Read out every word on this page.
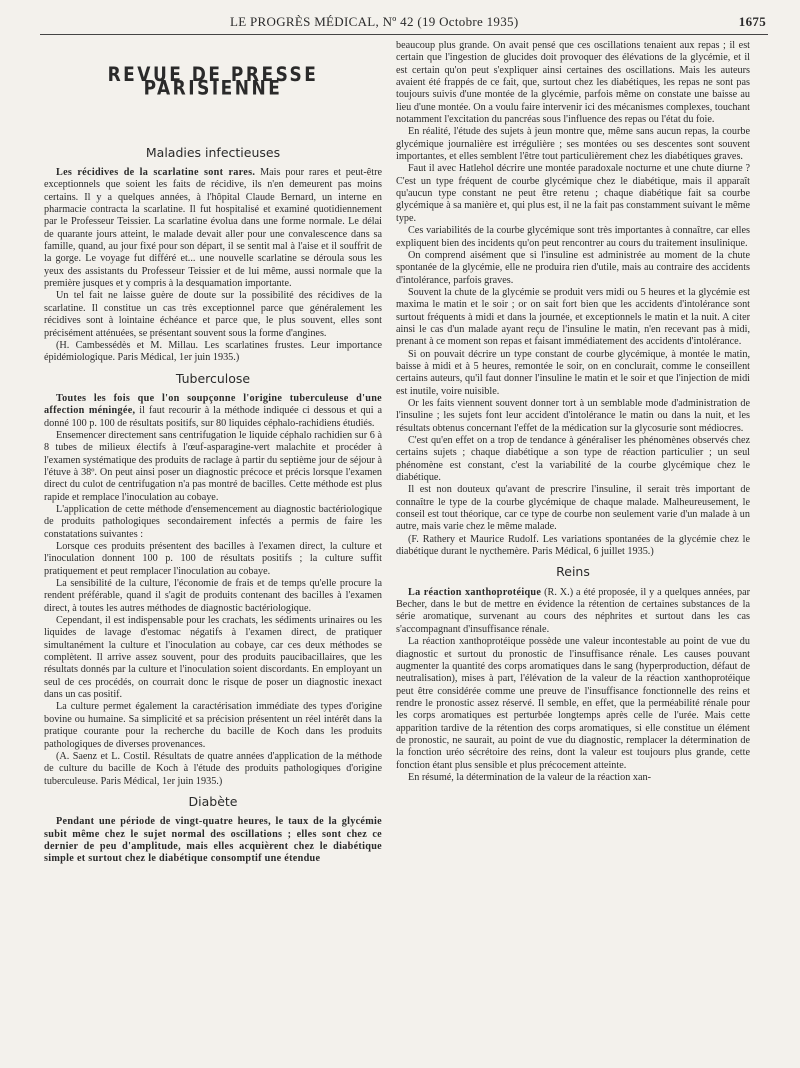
LE PROGRÈS MÉDICAL, Nº 42 (19 Octobre 1935)	1675
REVUE DE PRESSE PARISIENNE
Maladies infectieuses

Les récidives de la scarlatine sont rares. Mais pour rares et peut-être exceptionnels que soient les faits de récidive, ils n'en demeurent pas moins certains. Il y a quelques années, à l'hôpital Claude Bernard, un interne en pharmacie contracta la scarlatine. Il fut hospitalisé et examiné quotidiennement par le Professeur Teissier. La scarlatine évolua dans une forme normale. Le délai de quarante jours atteint, le malade devait aller pour une convalescence dans sa famille, quand, au jour fixé pour son départ, il se sentit mal à l'aise et il souffrit de la gorge. Le voyage fut différé et... une nouvelle scarlatine se déroula sous les yeux des assistants du Professeur Teissier et de lui même, aussi normale que la première jusques et y compris à la desquamation importante.

Un tel fait ne laisse guère de doute sur la possibilité des récidives de la scarlatine. Il constitue un cas très exceptionnel parce que généralement les récidives sont à lointaine échéance et parce que, le plus souvent, elles sont précisément atténuées, se présentant souvent sous la forme d'angines.

(H. Cambessédès et M. Millau. Les scarlatines frustes. Leur importance épidémiologique. Paris Médical, 1er juin 1935.)

Tuberculose

Toutes les fois que l'on soupçonne l'origine tuberculeuse d'une affection méningée, il faut recourir à la méthode indiquée ci dessous et qui a donné 100 p. 100 de résultats positifs, sur 80 liquides céphalo-rachidiens étudiés.

Ensemencer directement sans centrifugation le liquide céphalo rachidien sur 6 à 8 tubes de milieux électifs à l'œuf-asparagine-vert malachite et procéder à l'examen systématique des produits de raclage à partir du septième jour de séjour à l'étuve à 38º. On peut ainsi poser un diagnostic précoce et précis lorsque l'examen direct du culot de centrifugation n'a pas montré de bacilles. Cette méthode est plus rapide et remplace l'inoculation au cobaye.

L'application de cette méthode d'ensemencement au diagnostic bactériologique de produits pathologiques secondairement infectés a permis de faire les constatations suivantes :

Lorsque ces produits présentent des bacilles à l'examen direct, la culture et l'inoculation donnent 100 p. 100 de résultats positifs ; la culture suffit pratiquement et peut remplacer l'inoculation au cobaye.

La sensibilité de la culture, l'économie de frais et de temps qu'elle procure la rendent préférable, quand il s'agit de produits contenant des bacilles à l'examen direct, à toutes les autres méthodes de diagnostic bactériologique.

Cependant, il est indispensable pour les crachats, les sédiments urinaires ou les liquides de lavage d'estomac négatifs à l'examen direct, de pratiquer simultanément la culture et l'inoculation au cobaye, car ces deux méthodes se complètent. Il arrive assez souvent, pour des produits paucibacillaires, que les résultats donnés par la culture et l'inoculation soient discordants. En employant un seul de ces procédés, on courrait donc le risque de poser un diagnostic inexact dans un cas positif.

La culture permet également la caractérisation immédiate des types d'origine bovine ou humaine. Sa simplicité et sa précision présentent un réel intérêt dans la pratique courante pour la recherche du bacille de Koch dans les produits pathologiques de diverses provenances.

(A. Saenz et L. Costil. Résultats de quatre années d'application de la méthode de culture du bacille de Koch à l'étude des produits pathologiques d'origine tuberculeuse. Paris Médical, 1er juin 1935.)

Diabète

Pendant une période de vingt-quatre heures, le taux de la glycémie subit même chez le sujet normal des oscillations ; elles sont chez ce dernier de peu d'amplitude, mais elles acquièrent chez le diabétique simple et surtout chez le diabétique consomptif une étendue

beaucoup plus grande. On avait pensé que ces oscillations tenaient aux repas ; il est certain que l'ingestion de glucides doit provoquer des élévations de la glycémie, et il est certain qu'on peut s'expliquer ainsi certaines des oscillations. Mais les auteurs avaient été frappés de ce fait, que, surtout chez les diabétiques, les repas ne sont pas toujours suivis d'une montée de la glycémie, parfois même on constate une baisse au lieu d'une montée. On a voulu faire intervenir ici des mécanismes complexes, touchant notamment l'excitation du pancréas sous l'influence des repas ou l'état du foie.

En réalité, l'étude des sujets à jeun montre que, même sans aucun repas, la courbe glycémique journalière est irrégulière ; ses montées ou ses descentes sont souvent importantes, et elles semblent l'être tout particulièrement chez les diabétiques graves.

Faut il avec Hatlehol décrire une montée paradoxale nocturne et une chute diurne ? C'est un type fréquent de courbe glycémique chez le diabétique, mais il apparaît qu'aucun type constant ne peut être retenu ; chaque diabétique fait sa courbe glycémique à sa manière et, qui plus est, il ne la fait pas constamment suivant le même type.

Ces variabilités de la courbe glycémique sont très importantes à connaître, car elles expliquent bien des incidents qu'on peut rencontrer au cours du traitement insulinique.

On comprend aisément que si l'insuline est administrée au moment de la chute spontanée de la glycémie, elle ne produira rien d'utile, mais au contraire des accidents d'intolérance, parfois graves.

Souvent la chute de la glycémie se produit vers midi ou 5 heures et la glycémie est maxima le matin et le soir ; or on sait fort bien que les accidents d'intolérance sont surtout fréquents à midi et dans la journée, et exceptionnels le matin et la nuit. A citer ainsi le cas d'un malade ayant reçu de l'insuline le matin, n'en recevant pas à midi, prenant à ce moment son repas et faisant immédiatement des accidents d'intolérance.

Si on pouvait décrire un type constant de courbe glycémique, à montée le matin, baisse à midi et à 5 heures, remontée le soir, on en conclurait, comme le conseillent certains auteurs, qu'il faut donner l'insuline le matin et le soir et que l'injection de midi est inutile, voire nuisible.

Or les faits viennent souvent donner tort à un semblable mode d'administration de l'insuline ; les sujets font leur accident d'intolérance le matin ou dans la nuit, et les résultats obtenus concernant l'effet de la médication sur la glycosurie sont médiocres.

C'est qu'en effet on a trop de tendance à généraliser les phénomènes observés chez certains sujets ; chaque diabétique a son type de réaction particulier ; un seul phénomène est constant, c'est la variabilité de la courbe glycémique chez le diabétique.

Il est non douteux qu'avant de prescrire l'insuline, il serait très important de connaître le type de la courbe glycémique de chaque malade. Malheureusement, le conseil est tout théorique, car ce type de courbe non seulement varie d'un malade à un autre, mais varie chez le même malade.

(F. Rathery et Maurice Rudolf. Les variations spontanées de la glycémie chez le diabétique durant le nycthemère. Paris Médical, 6 juillet 1935.)

Reins

La réaction xanthoprotéique (R. X.) a été proposée, il y a quelques années, par Becher, dans le but de mettre en évidence la rétention de certaines substances de la série aromatique, survenant au cours des néphrites et surtout dans les cas s'accompagnant d'insuffisance rénale.

La réaction xanthoprotéique possède une valeur incontestable au point de vue du diagnostic et surtout du pronostic de l'insuffisance rénale. Les causes pouvant augmenter la quantité des corps aromatiques dans le sang (hyperproduction, défaut de neutralisation), mises à part, l'élévation de la valeur de la réaction xanthoprotéique peut être considérée comme une preuve de l'insuffisance fonctionnelle des reins et rendre le pronostic assez réservé. Il semble, en effet, que la perméabilité rénale pour les corps aromatiques est perturbée longtemps après celle de l'urée. Mais cette apparition tardive de la rétention des corps aromatiques, si elle constitue un élément de pronostic, ne saurait, au point de vue du diagnostic, remplacer la détermination de la fonction uréo sécrétoire des reins, dont la valeur est toujours plus grande, cette fonction étant plus sensible et plus précocement atteinte.

En résumé, la détermination de la valeur de la réaction xan-
